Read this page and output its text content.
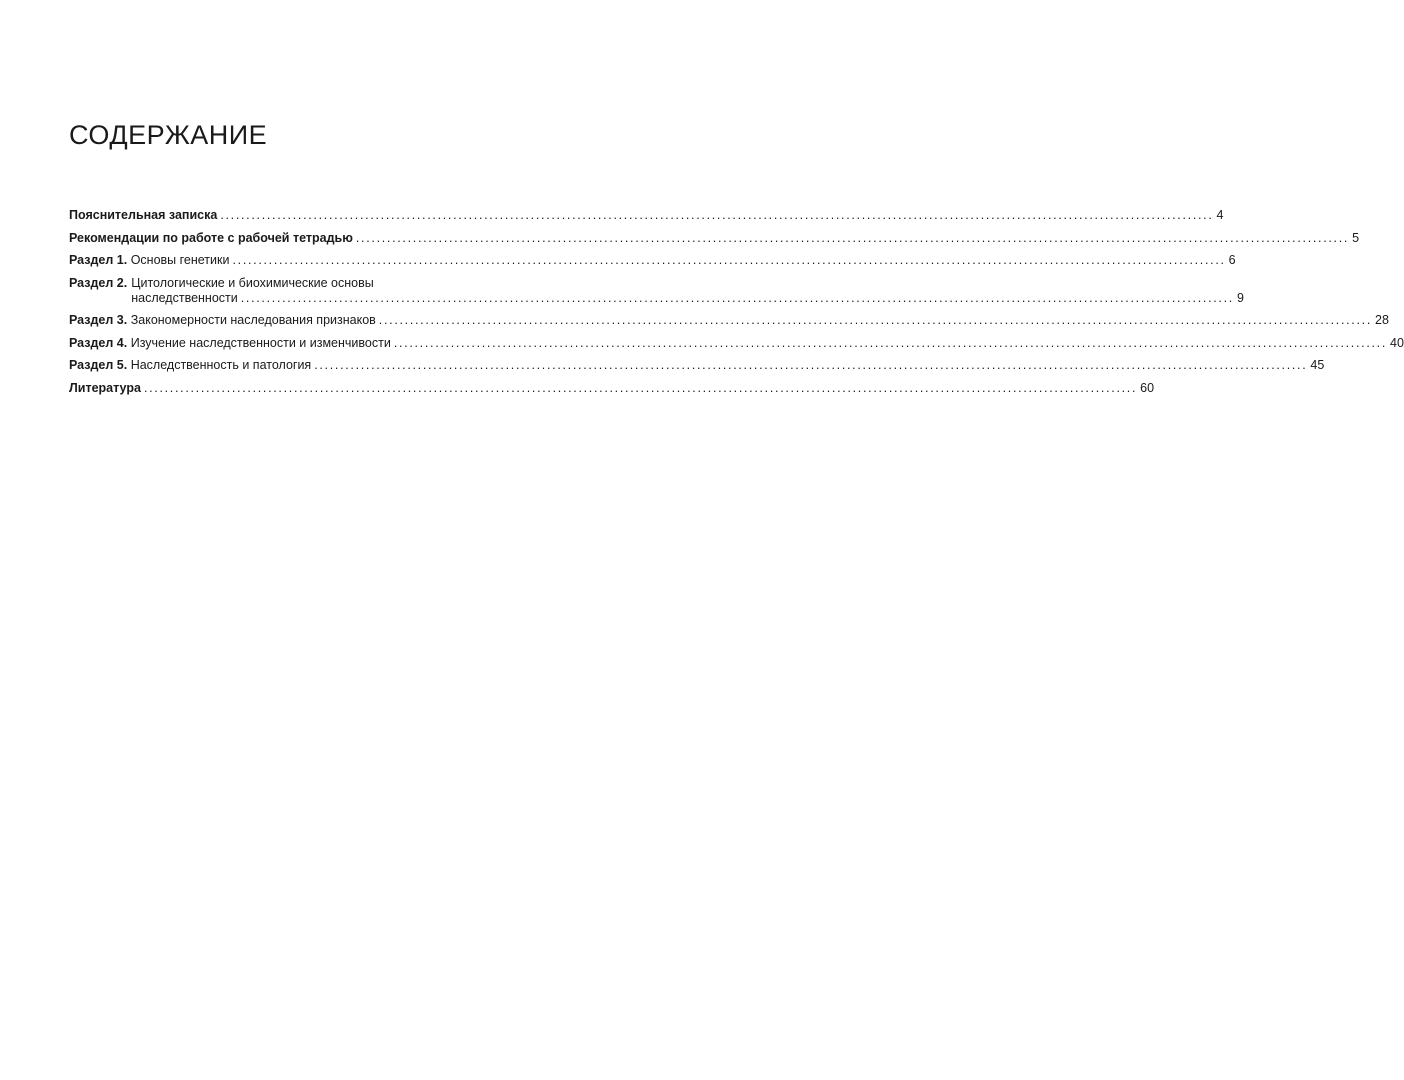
СОДЕРЖАНИЕ
Пояснительная записка .....	4
Рекомендации по работе с рабочей тетрадью .....	5
Раздел 1. Основы генетики .....	6
Раздел 2. Цитологические и биохимические основы
наследственности .....	9
Раздел 3. Закономерности наследования признаков .....	28
Раздел 4. Изучение наследственности и изменчивости .....	40
Раздел 5. Наследственность и патология .....	45
Литература .....	60
